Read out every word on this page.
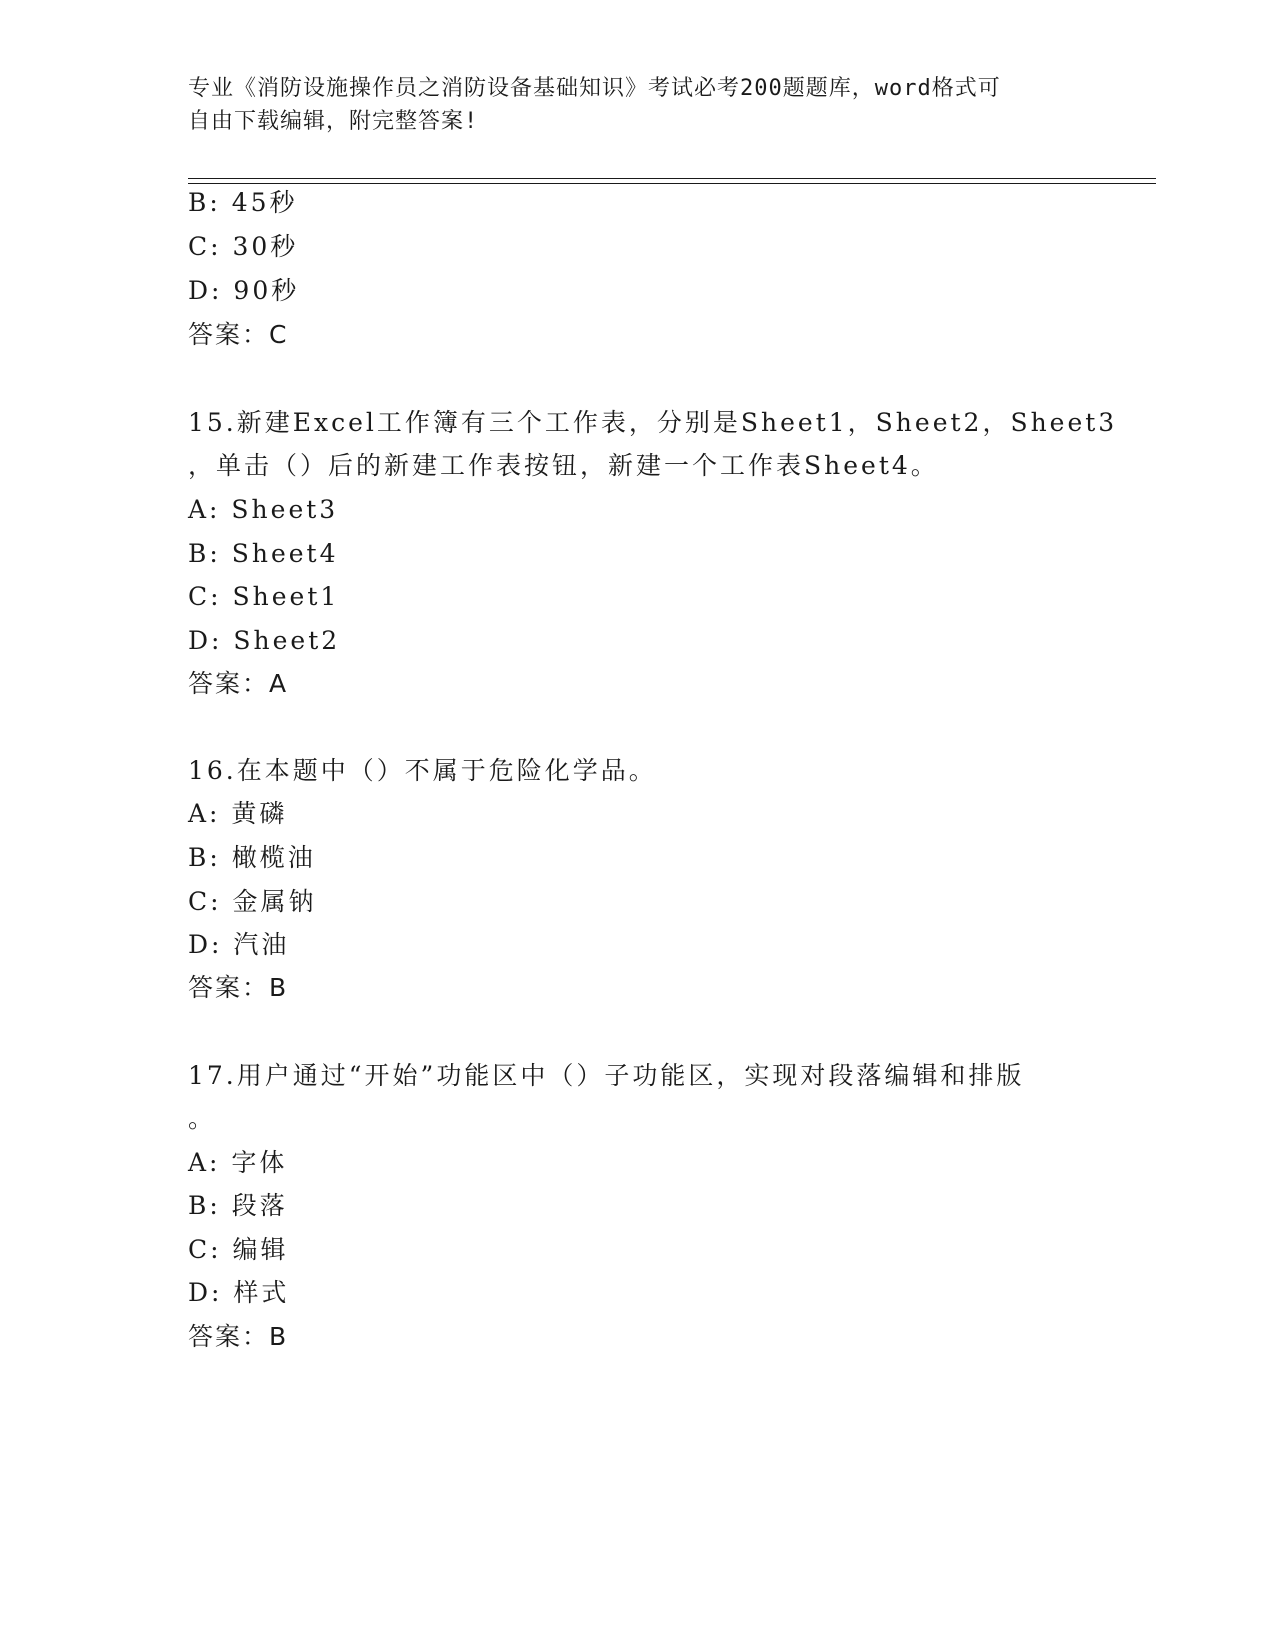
专业《消防设施操作员之消防设备基础知识》考试必考200题题库，word格式可
自由下载编辑，附完整答案!
B: 45秒
C: 30秒
D: 90秒
答案：C
15.新建Excel工作簿有三个工作表，分别是Sheet1，Sheet2，Sheet3
，单击（）后的新建工作表按钮，新建一个工作表Sheet4。
A: Sheet3
B: Sheet4
C: Sheet1
D: Sheet2
答案：A
16.在本题中（）不属于危险化学品。
A: 黄磷
B: 橄榄油
C: 金属钠
D: 汽油
答案：B
17.用户通过“开始”功能区中（）子功能区，实现对段落编辑和排版
。
A: 字体
B: 段落
C: 编辑
D: 样式
答案：B
